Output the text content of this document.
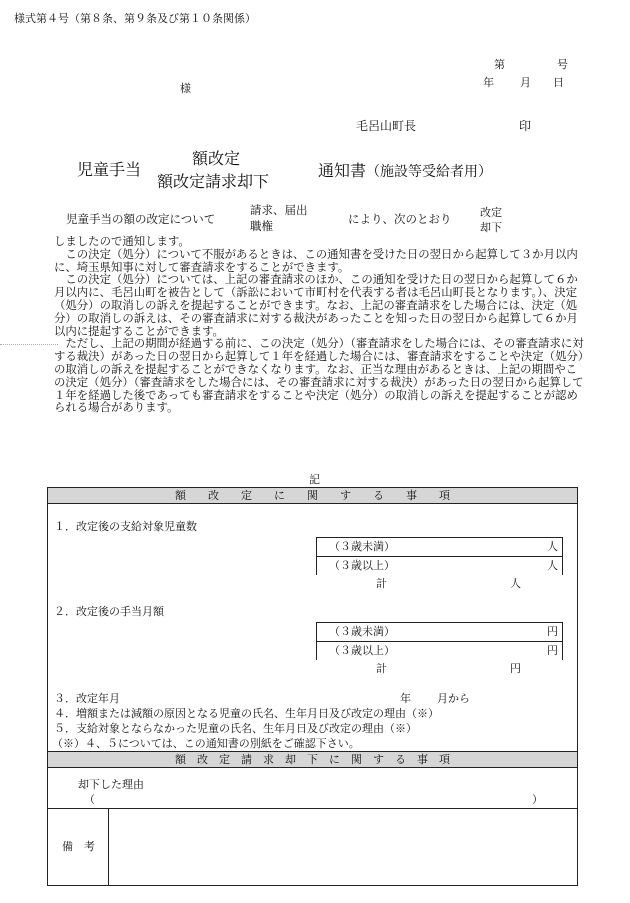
様式第４号（第８条、第９条及び第１０条関係）
第	号
年 月 日
様
毛呂山町長	印
児童手当
額改定
額改定請求却下
通知書 （施設等受給者用）
児童手当の額の改定について
請求、届出
職権	により、次のとおり	改定
却下

しましたので通知します。

この決定（処分）について不服があるときは、この通知書を受けた日の翌日から起算して３か月以内に、埼玉県知事に対して審査請求をすることができます。

この決定（処分）については、上記の審査請求のほか、この通知を受けた日の翌日から起算して６か月以内に、毛呂山町を被告として（訴訟において市町村を代表する者は毛呂山町長となります。）、決定（処分）の取消しの訴えを提起することができます。なお、上記の審査請求をした場合には、決定（処分）の取消しの訴えは、その審査請求に対する裁決があったことを知った日の翌日から起算して６か月以内に提起することができます。

ただし、上記の期間が経過する前に、この決定（処分）（審査請求をした場合には、その審査請求に対する裁決）があった日の翌日から起算して１年を経過した場合には、審査請求をすることや決定（処分）の取消しの訴えを提起することができなくなります。なお、正当な理由があるときは、上記の期間やこの決定（処分）（審査請求をした場合には、その審査請求に対する裁決）があった日の翌日から起算して１年を経過した後であっても審査請求をすることや決定（処分）の取消しの訴えを提起することが認められる場合があります。

記
額　　改　　定　　に　　関　　す　　る　　事　　項
１．改定後の支給対象児童数
（３歳未満）	人
（３歳以上）	人
計	人
２．改定後の手当月額
（３歳未満）	円
（３歳以上）	円
計	円
３．改定年月	年 月から
４．増額または減額の原因となる児童の氏名、生年月日及び改定の理由（※）
５．支給対象とならなかった児童の氏名、生年月日及び改定の理由（※）
（※）４、５については、この通知書の別紙をご確認下さい。
額　改　定　請　求　却　下　に　関　す　る　事　項
却下した理由
（	）
備　考
